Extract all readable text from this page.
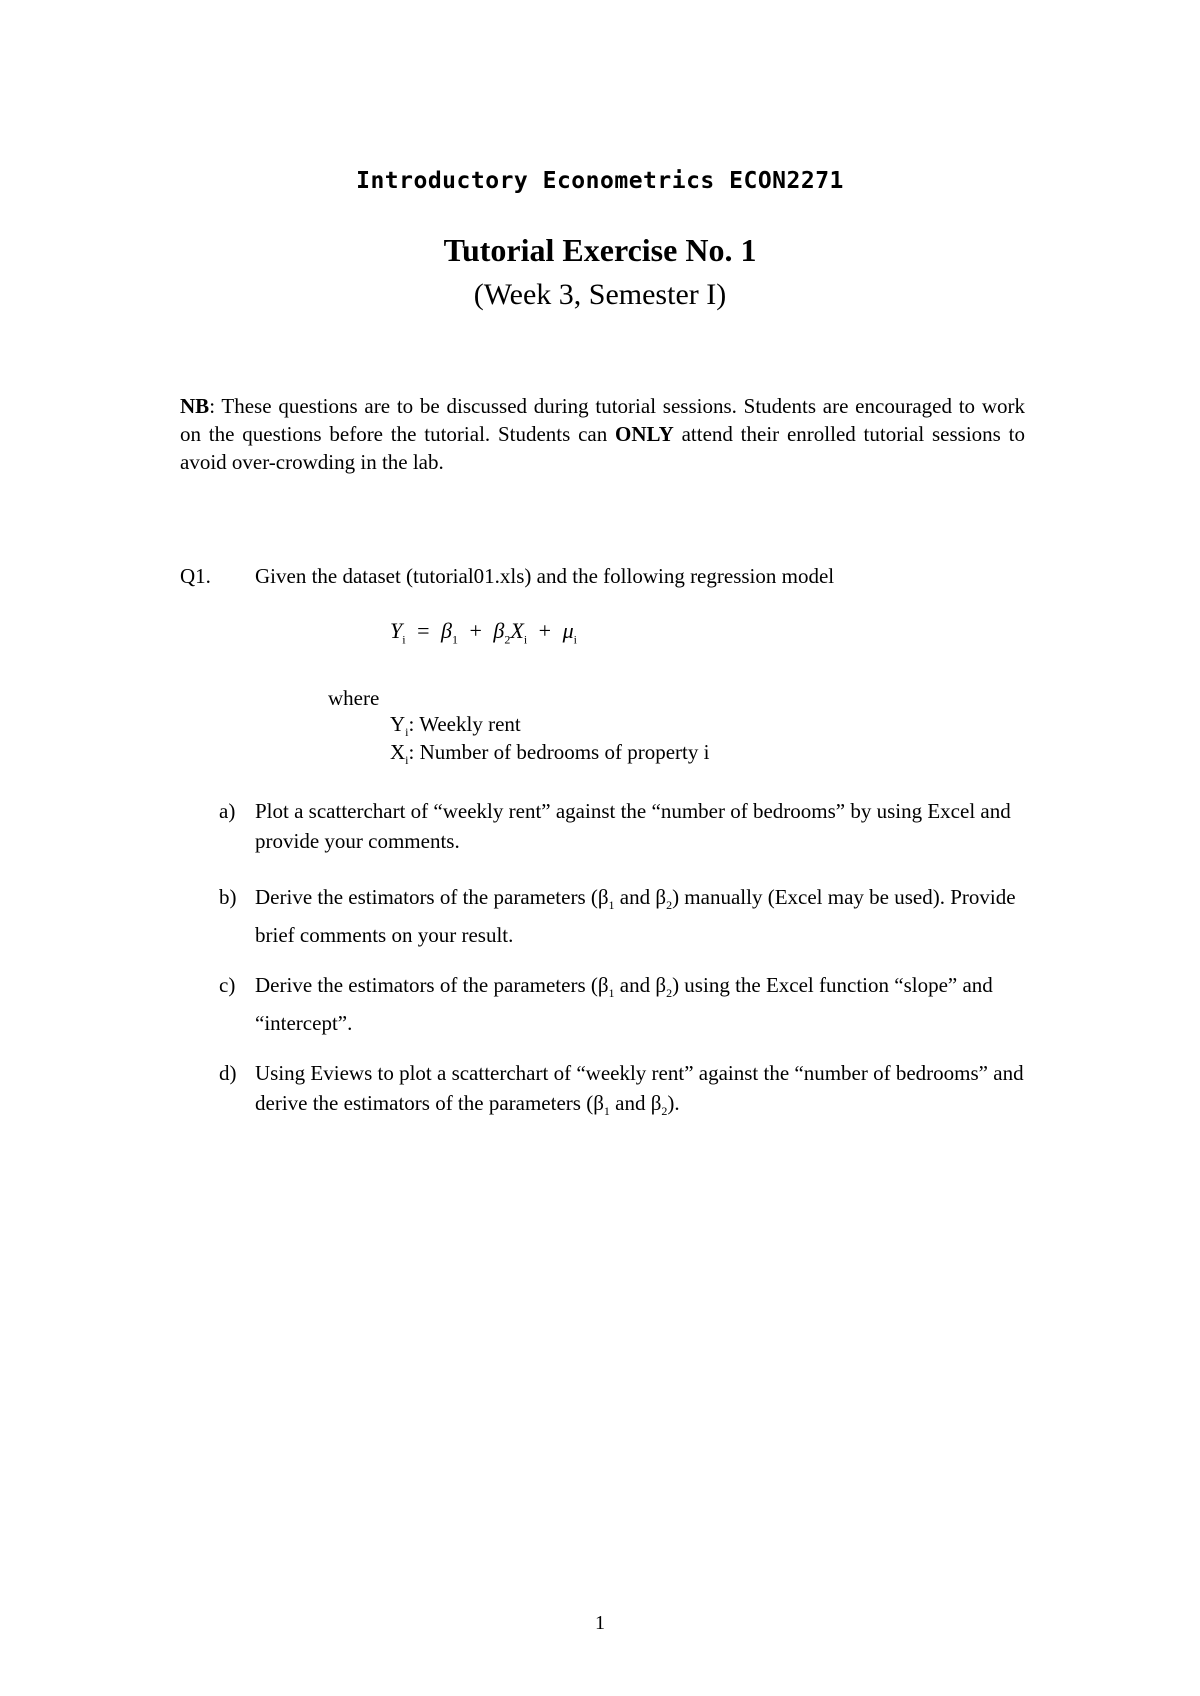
Introductory Econometrics ECON2271
Tutorial Exercise No. 1
(Week 3, Semester I)
NB: These questions are to be discussed during tutorial sessions. Students are encouraged to work on the questions before the tutorial. Students can ONLY attend their enrolled tutorial sessions to avoid over-crowding in the lab.
Q1. Given the dataset (tutorial01.xls) and the following regression model
$Y_i = \beta_1 + \beta_2X_i + \mu_i$
where
$Y_i$: Weekly rent
$X_i$: Number of bedrooms of property i
a) Plot a scatterchart of “weekly rent” against the “number of bedrooms” by using Excel and provide your comments.
b) Derive the estimators of the parameters ($\beta_1$ and $\beta_2$) manually (Excel may be used). Provide brief comments on your result.
c) Derive the estimators of the parameters ($\beta_1$ and $\beta_2$) using the Excel function “slope” and “intercept”.
d) Using Eviews to plot a scatterchart of “weekly rent” against the “number of bedrooms” and derive the estimators of the parameters ($\beta_1$ and $\beta_2$).
1
